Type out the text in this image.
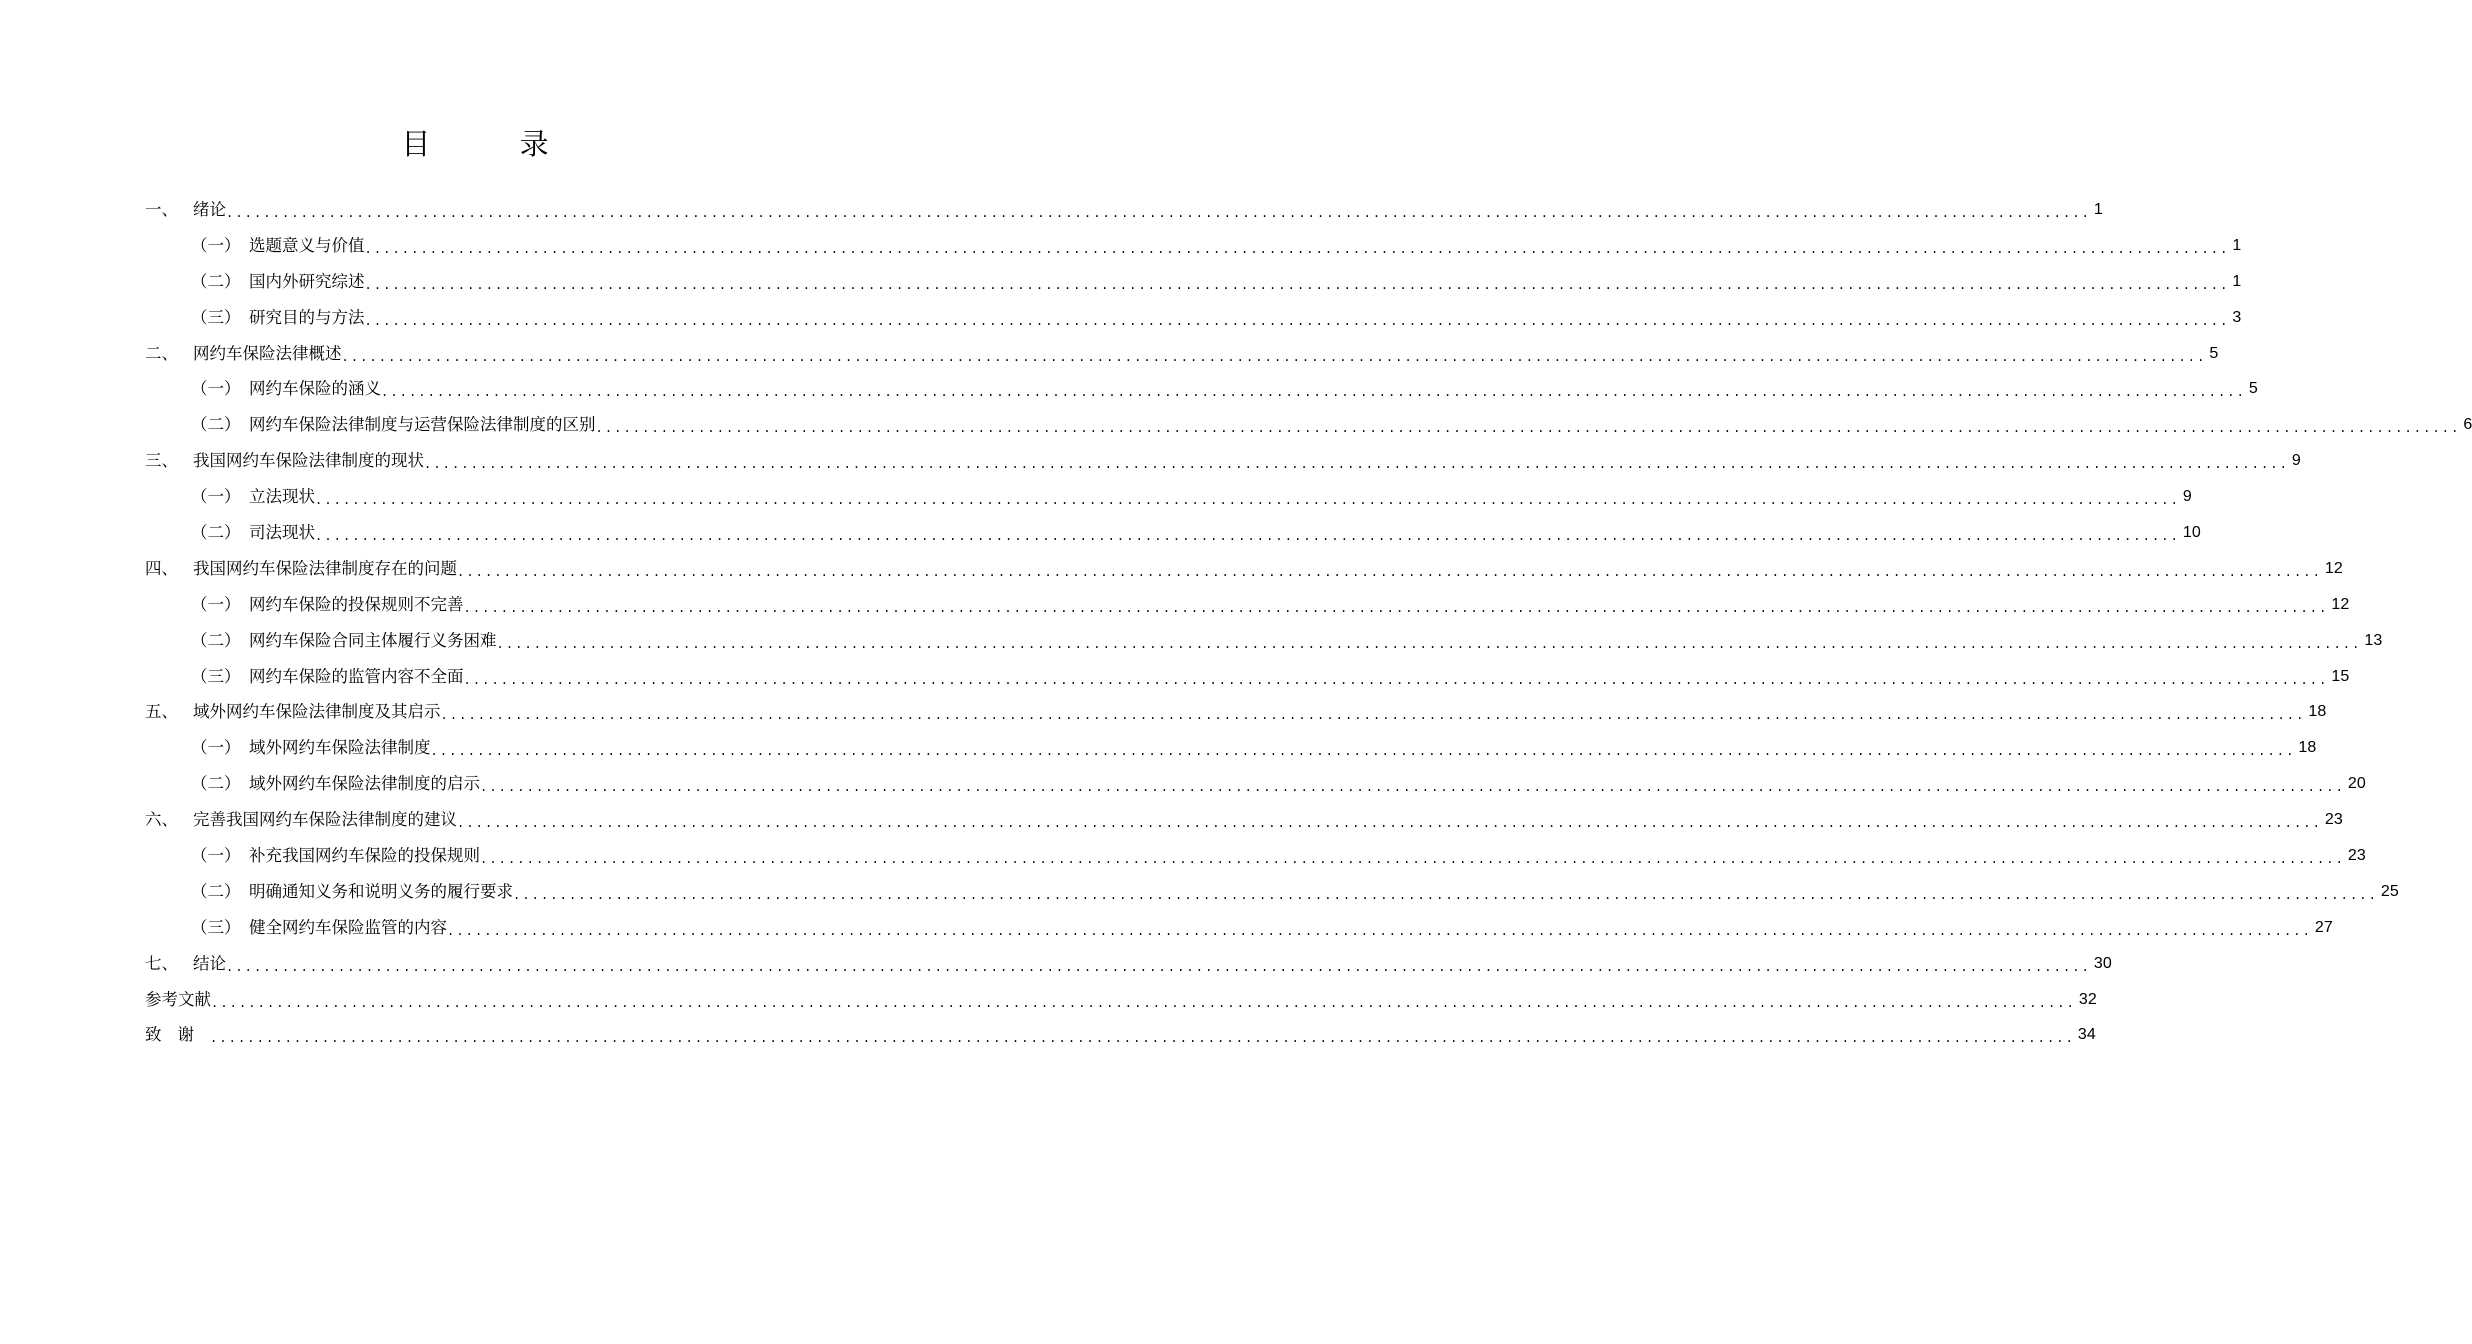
目 录
一、 绪论 ........................................................................................................................................................................................................ 1
（一） 选题意义与价值 ........................................................................................................................................................................................................ 1
（二） 国内外研究综述 ........................................................................................................................................................................................................ 1
（三） 研究目的与方法 ........................................................................................................................................................................................................ 3
二、 网约车保险法律概述 ........................................................................................................................................................................................................ 5
（一） 网约车保险的涵义 ........................................................................................................................................................................................................ 5
（二） 网约车保险法律制度与运营保险法律制度的区别 ........................................................................................................................................................................................................ 6
三、 我国网约车保险法律制度的现状 ........................................................................................................................................................................................................ 9
（一） 立法现状 ........................................................................................................................................................................................................ 9
（二） 司法现状 ........................................................................................................................................................................................................ 10
四、 我国网约车保险法律制度存在的问题 ........................................................................................................................................................................................................ 12
（一） 网约车保险的投保规则不完善 ........................................................................................................................................................................................................ 12
（二） 网约车保险合同主体履行义务困难 ........................................................................................................................................................................................................ 13
（三） 网约车保险的监管内容不全面 ........................................................................................................................................................................................................ 15
五、 域外网约车保险法律制度及其启示 ........................................................................................................................................................................................................ 18
（一） 域外网约车保险法律制度 ........................................................................................................................................................................................................ 18
（二） 域外网约车保险法律制度的启示 ........................................................................................................................................................................................................ 20
六、 完善我国网约车保险法律制度的建议 ........................................................................................................................................................................................................ 23
（一） 补充我国网约车保险的投保规则 ........................................................................................................................................................................................................ 23
（二） 明确通知义务和说明义务的履行要求 ........................................................................................................................................................................................................ 25
（三） 健全网约车保险监管的内容 ........................................................................................................................................................................................................ 27
七、 结论 ........................................................................................................................................................................................................ 30
参考文献 ........................................................................................................................................................................................................ 32
致谢 ........................................................................................................................................................................................................ 34
